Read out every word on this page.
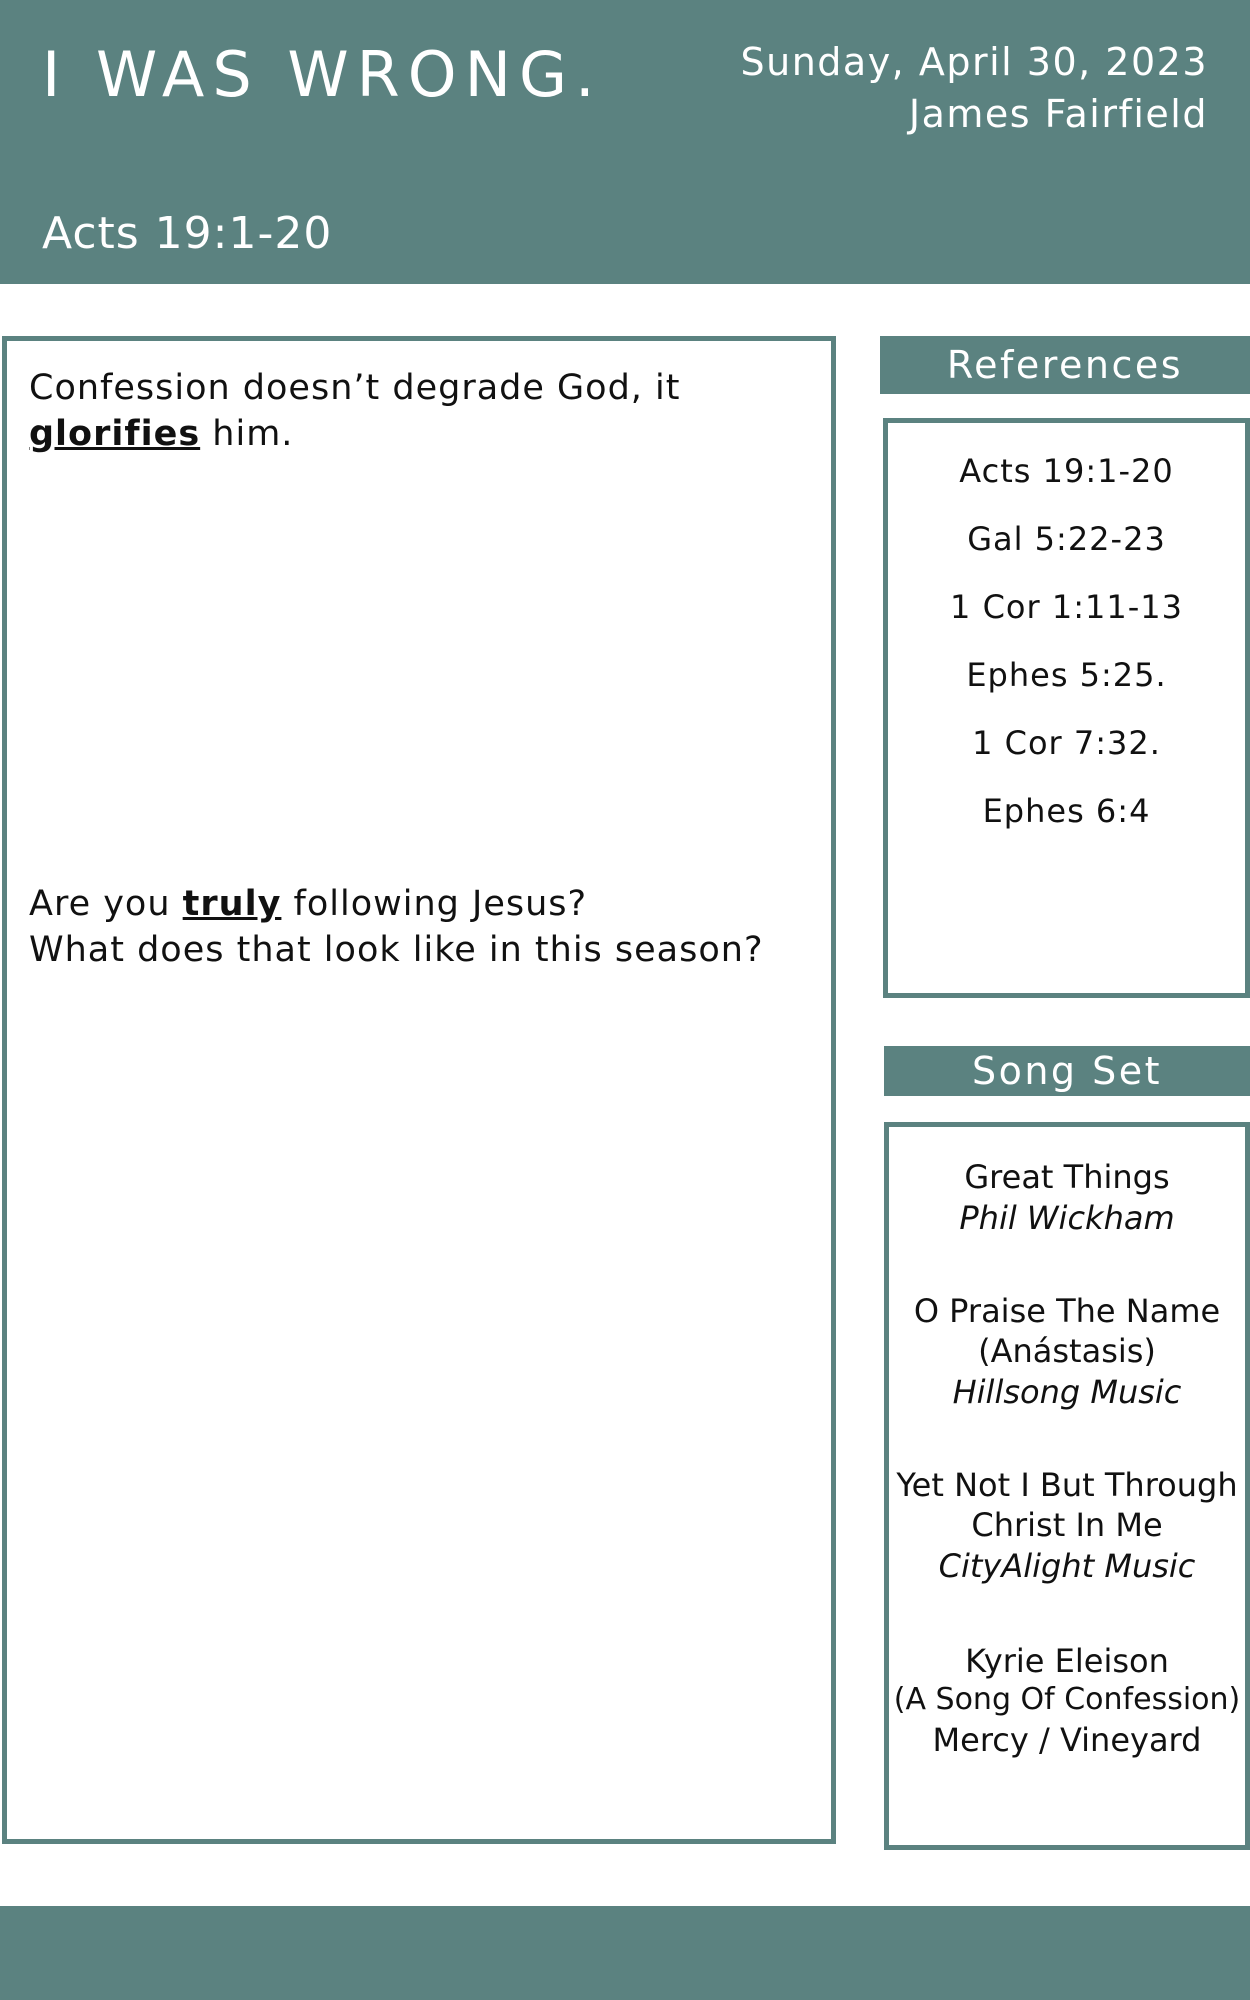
I WAS WRONG.	Sunday, April 30, 2023
James Fairfield
Acts 19:1-20
Confession doesn’t degrade God, it
glorifies him.
Are you truly following Jesus?
What does that look like in this season?
References
Acts 19:1-20
Gal 5:22-23
1 Cor 1:11-13
Ephes 5:25.
1 Cor 7:32.
Ephes 6:4
Song Set
Great Things
Phil Wickham
O Praise The Name
(Anástasis)
Hillsong Music
Yet Not I But Through
Christ In Me
CityAlight Music
Kyrie Eleison
(A Song Of Confession)
Mercy / Vineyard
